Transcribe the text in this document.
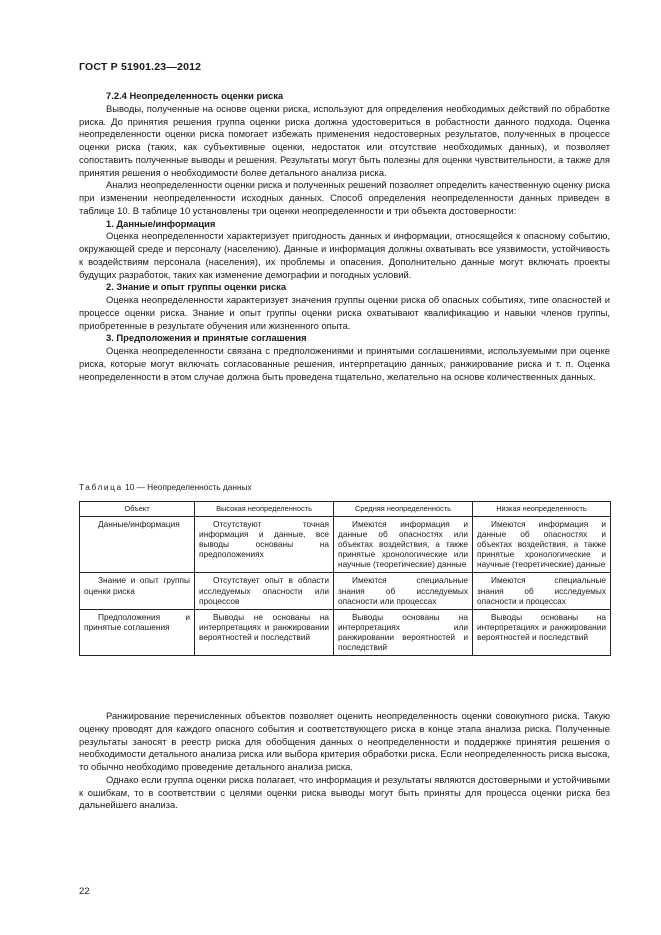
ГОСТ Р 51901.23—2012
7.2.4 Неопределенность оценки риска

Выводы, полученные на основе оценки риска, используют для определения необходимых действий по обработке риска. До принятия решения группа оценки риска должна удостовериться в робастности данного подхода. Оценка неопределенности оценки риска помогает избежать применения недостоверных результатов, полученных в процессе оценки риска (таких, как субъективные оценки, недостаток или отсутствие необходимых данных), и позволяет сопоставить полученные выводы и решения. Результаты могут быть полезны для оценки чувствительности, а также для принятия решения о необходимости более детального анализа риска.

Анализ неопределенности оценки риска и полученных решений позволяет определить качественную оценку риска при изменении неопределенности исходных данных. Способ определения неопределенности данных приведен в таблице 10. В таблице 10 установлены три оценки неопределенности и три объекта достоверности:

1. Данные/информация

Оценка неопределенности характеризует пригодность данных и информации, относящейся к опасному событию, окружающей среде и персоналу (населению). Данные и информация должны охватывать все уязвимости, устойчивость к воздействиям персонала (населения), их проблемы и опасения. Дополнительно данные могут включать проекты будущих разработок, таких как изменение демографии и погодных условий.

2. Знание и опыт группы оценки риска

Оценка неопределенности характеризует значения группы оценки риска об опасных событиях, типе опасностей и процессе оценки риска. Знание и опыт группы оценки риска охватывают квалификацию и навыки членов группы, приобретенные в результате обучения или жизненного опыта.

3. Предположения и принятые соглашения

Оценка неопределенности связана с предположениями и принятыми соглашениями, используемыми при оценке риска, которые могут включать согласованные решения, интерпретацию данных, ранжирование риска и т. п. Оценка неопределенности в этом случае должна быть проведена тщательно, желательно на основе количественных данных.

Таблица 10 — Неопределенность данных
Объект	Высокая неопределенность	Средняя неопределенность	Низкая неопределенность

Данные/информация	Отсутствуют точная информация и данные, все выводы основаны на предположениях	Имеются информация и данные об опасностях или объектах воздействия, а также принятые хронологические или научные (теоретические) данные	Имеются информация и данные об опасностях и объектах воздействия, а также принятые хронологические и научные (теоретические) данные

Знание и опыт группы оценки риска	Отсутствует опыт в области исследуемых опасности или процессов	Имеются специальные знания об исследуемых опасности или процессах	Имеются специальные знания об исследуемых опасности и процессах

Предположения и принятые соглашения	Выводы не основаны на интерпретациях и ранжировании вероятностей и последствий	Выводы основаны на интерпретациях или ранжировании вероятностей и последствий	Выводы основаны на интерпретациях и ранжировании вероятностей и последствий

Ранжирование перечисленных объектов позволяет оценить неопределенность оценки совокупного риска. Такую оценку проводят для каждого опасного события и соответствующего риска в конце этапа анализа риска. Полученные результаты заносят в реестр риска для обобщения данных о неопределенности и поддержке принятия решения о необходимости детального анализа риска или выбора критерия обработки риска. Если неопределенность риска высока, то обычно необходимо проведение детального анализа риска.

Однако если группа оценки риска полагает, что информация и результаты являются достоверными и устойчивыми к ошибкам, то в соответствии с целями оценки риска выводы могут быть приняты для процесса оценки риска без дальнейшего анализа.

22
